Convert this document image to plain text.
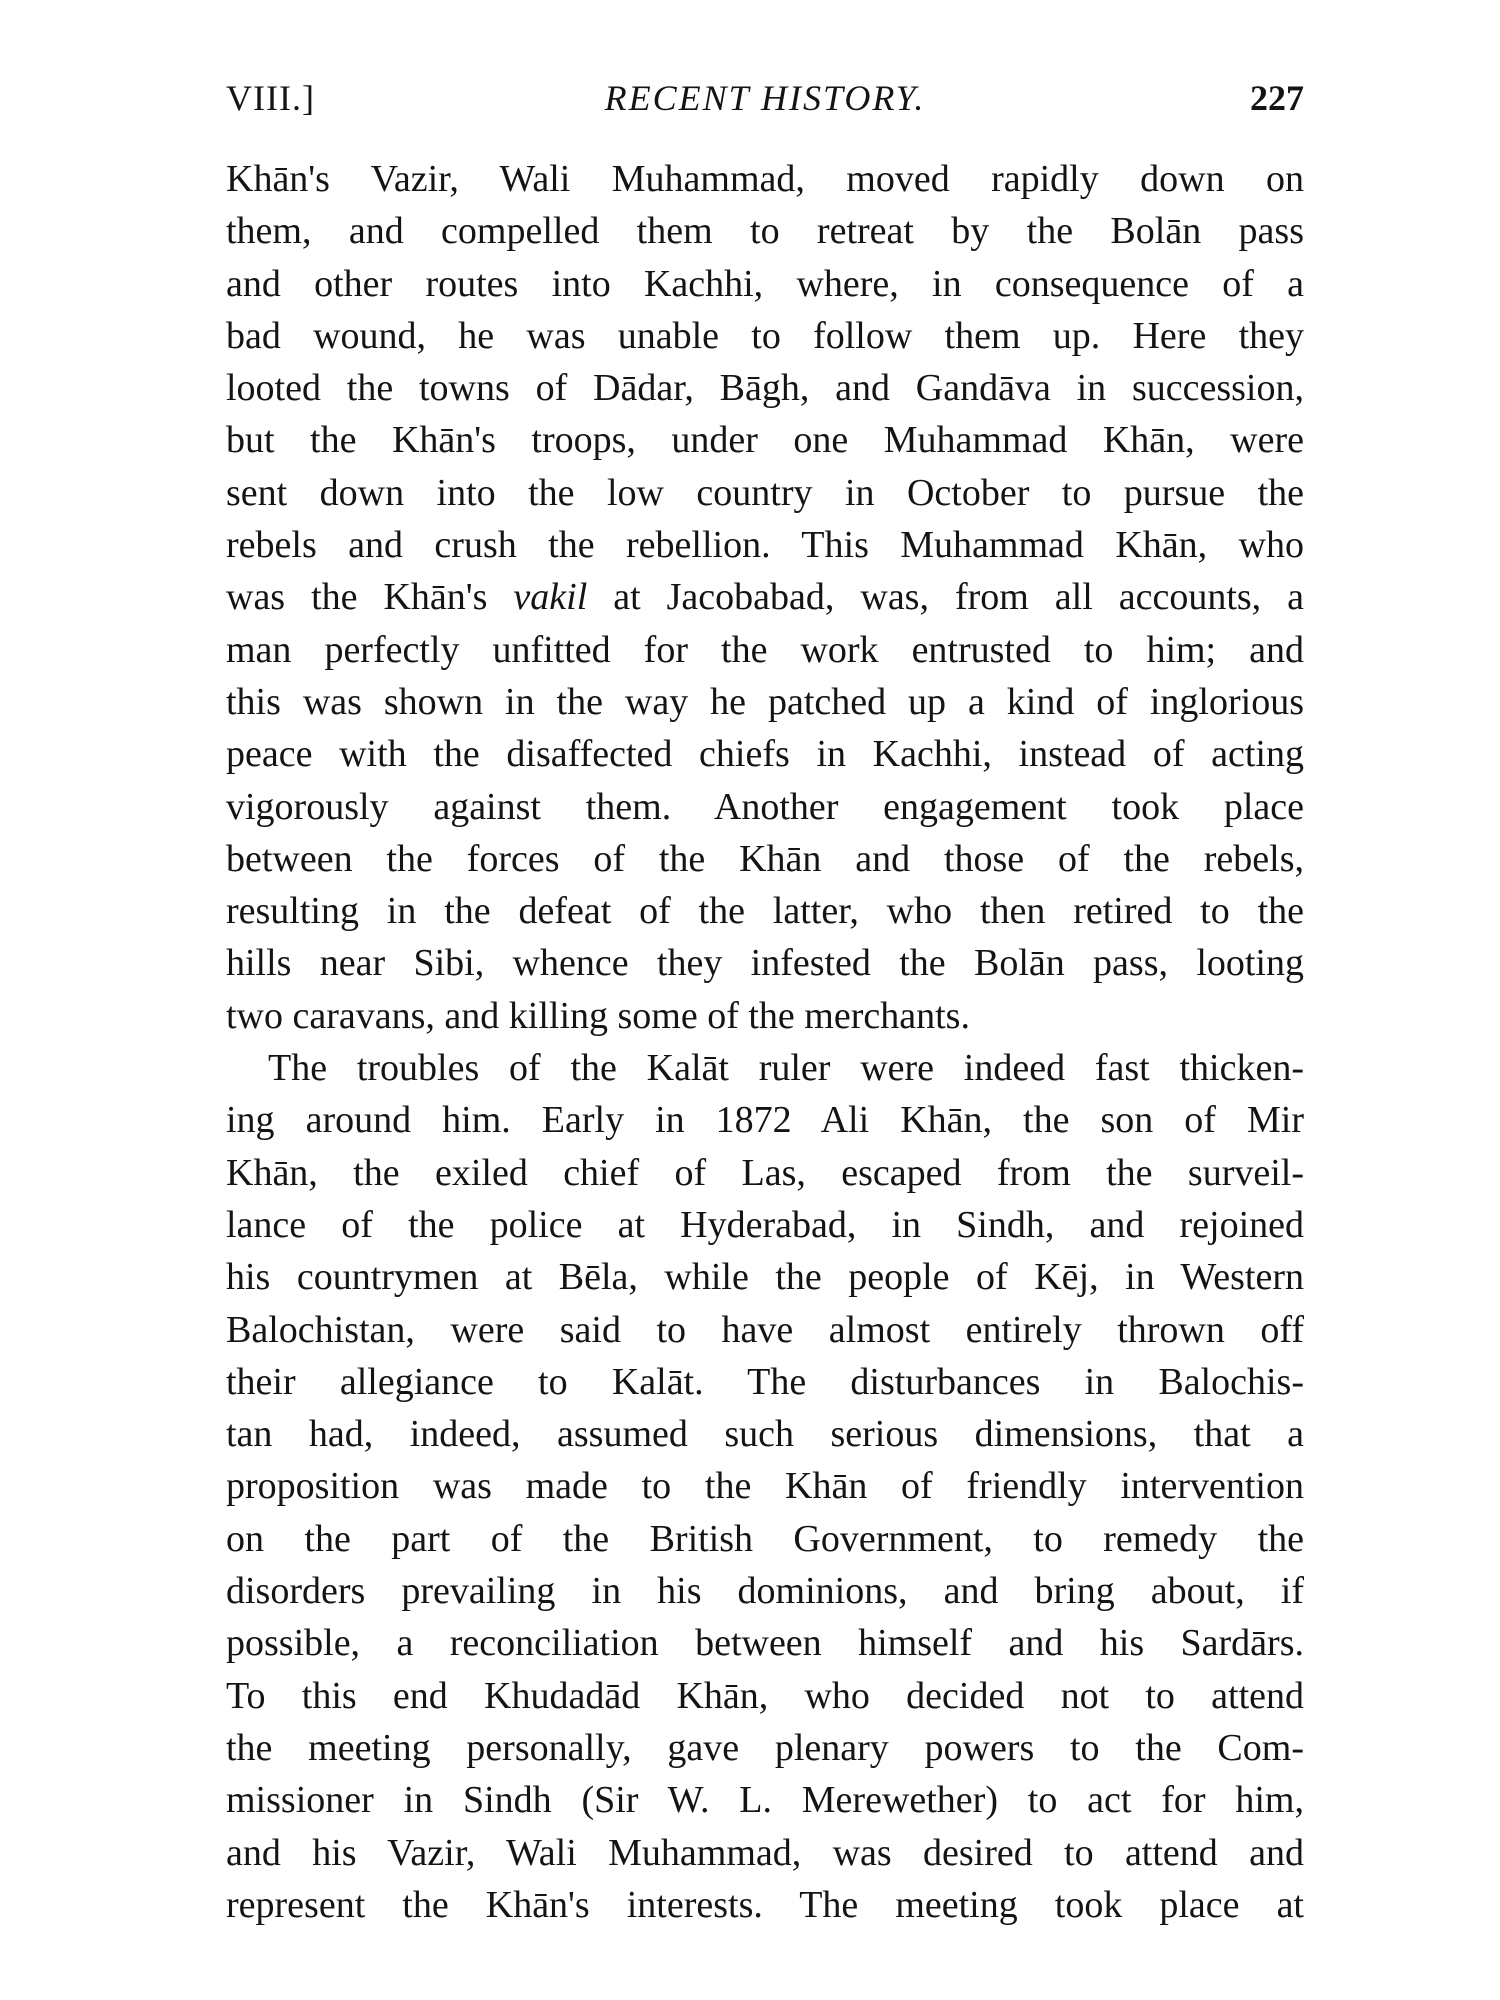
VIII.]	RECENT HISTORY.	227
Khān's Vazir, Wali Muhammad, moved rapidly down on
them, and compelled them to retreat by the Bolān pass
and other routes into Kachhi, where, in consequence of a
bad wound, he was unable to follow them up. Here they
looted the towns of Dādar, Bāgh, and Gandāva in succession,
but the Khān's troops, under one Muhammad Khān, were
sent down into the low country in October to pursue the
rebels and crush the rebellion. This Muhammad Khān, who
was the Khān's vakil at Jacobabad, was, from all accounts, a
man perfectly unfitted for the work entrusted to him; and
this was shown in the way he patched up a kind of inglorious
peace with the disaffected chiefs in Kachhi, instead of acting
vigorously against them. Another engagement took place
between the forces of the Khān and those of the rebels,
resulting in the defeat of the latter, who then retired to the
hills near Sibi, whence they infested the Bolān pass, looting
two caravans, and killing some of the merchants.
The troubles of the Kalāt ruler were indeed fast thicken-
ing around him. Early in 1872 Ali Khān, the son of Mir
Khān, the exiled chief of Las, escaped from the surveil-
lance of the police at Hyderabad, in Sindh, and rejoined
his countrymen at Bēla, while the people of Kēj, in Western
Balochistan, were said to have almost entirely thrown off
their allegiance to Kalāt. The disturbances in Balochis-
tan had, indeed, assumed such serious dimensions, that a
proposition was made to the Khān of friendly intervention
on the part of the British Government, to remedy the
disorders prevailing in his dominions, and bring about, if
possible, a reconciliation between himself and his Sardārs.
To this end Khudadād Khān, who decided not to attend
the meeting personally, gave plenary powers to the Com-
missioner in Sindh (Sir W. L. Merewether) to act for him,
and his Vazir, Wali Muhammad, was desired to attend and
represent the Khān's interests. The meeting took place at
